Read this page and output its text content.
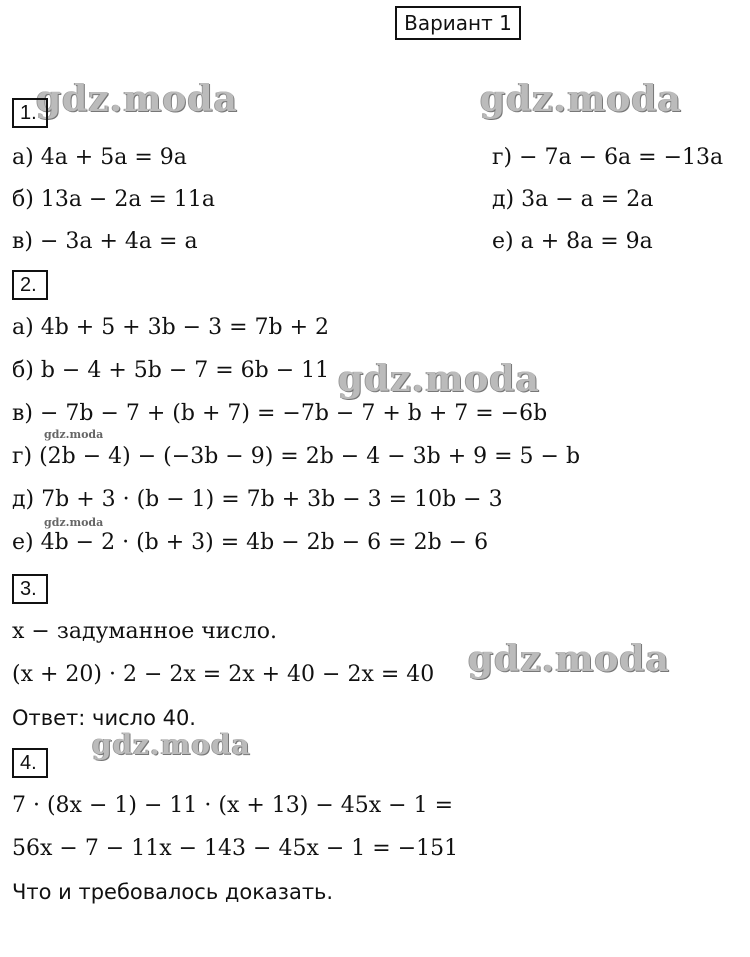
Вариант 1
gdz.moda	gdz.moda
gdz.moda
gdz.moda
gdz.moda
gdz.moda
gdz.moda
1.
а) 4a + 5a = 9a
б) 13a − 2a = 11a
в) − 3a + 4a = a
г) − 7a − 6a = −13a
д) 3a − a = 2a
е) a + 8a = 9a
2.
а) 4b + 5 + 3b − 3 = 7b + 2
б) b − 4 + 5b − 7 = 6b − 11
в) − 7b − 7 + (b + 7) = −7b − 7 + b + 7 = −6b
г) (2b − 4) − (−3b − 9) = 2b − 4 − 3b + 9 = 5 − b
д) 7b + 3 · (b − 1) = 7b + 3b − 3 = 10b − 3
е) 4b − 2 · (b + 3) = 4b − 2b − 6 = 2b − 6
3.
x − задуманное число.
(x + 20) · 2 − 2x = 2x + 40 − 2x = 40
Ответ: число 40.
4.
7 · (8x − 1) − 11 · (x + 13) − 45x − 1 =
56x − 7 − 11x − 143 − 45x − 1 = −151
Что и требовалось доказать.
